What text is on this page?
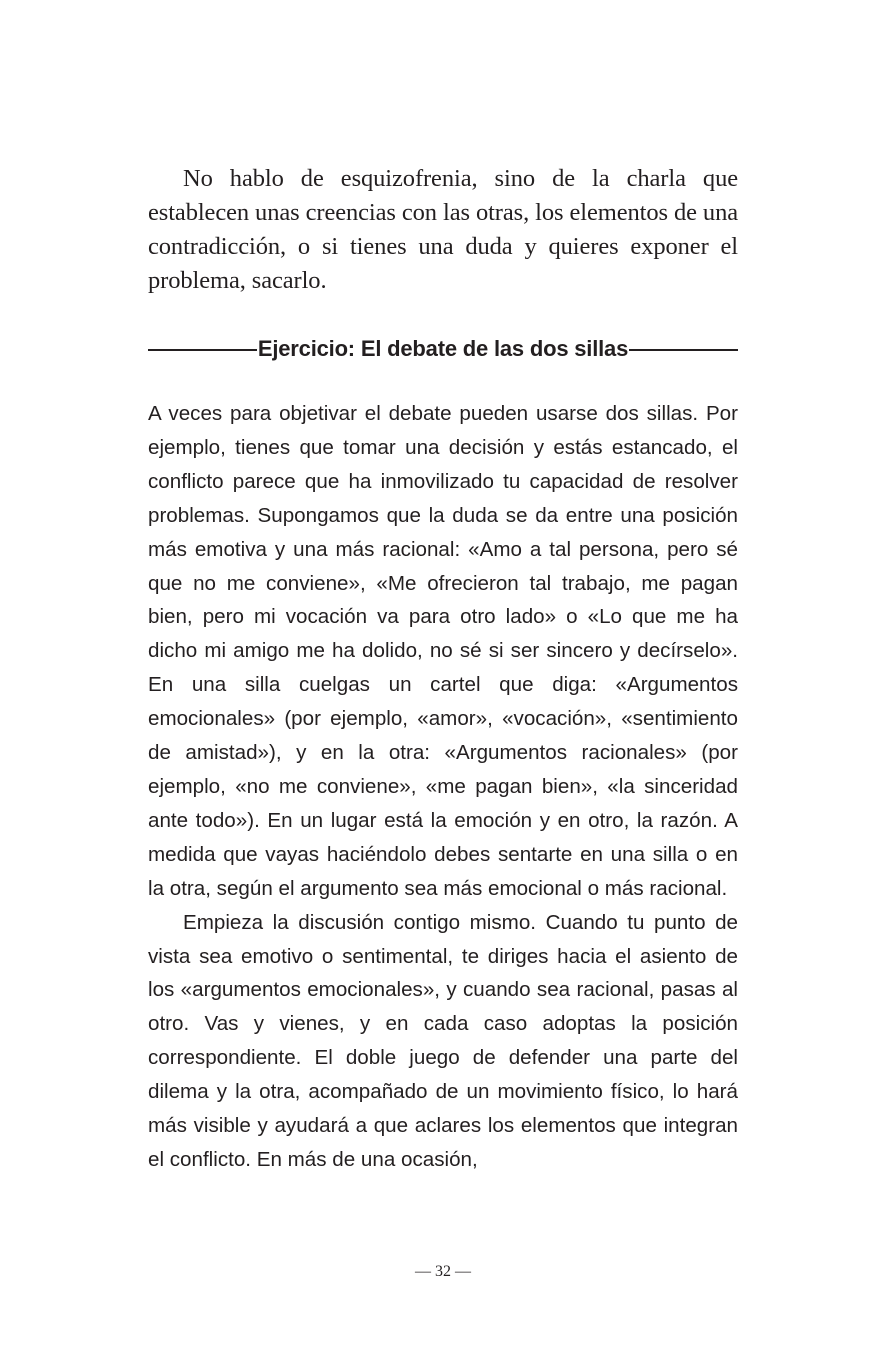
No hablo de esquizofrenia, sino de la charla que establecen unas creencias con las otras, los elementos de una contradicción, o si tienes una duda y quieres exponer el problema, sacarlo.

Ejercicio: El debate de las dos sillas

A veces para objetivar el debate pueden usarse dos sillas. Por ejemplo, tienes que tomar una decisión y estás estancado, el conflicto parece que ha inmovilizado tu capacidad de resolver problemas. Supongamos que la duda se da entre una posición más emotiva y una más racional: «Amo a tal persona, pero sé que no me conviene», «Me ofrecieron tal trabajo, me pagan bien, pero mi vocación va para otro lado» o «Lo que me ha dicho mi amigo me ha dolido, no sé si ser sincero y decírselo». En una silla cuelgas un cartel que diga: «Argumentos emocionales» (por ejemplo, «amor», «vocación», «sentimiento de amistad»), y en la otra: «Argumentos racionales» (por ejemplo, «no me conviene», «me pagan bien», «la sinceridad ante todo»). En un lugar está la emoción y en otro, la razón. A medida que vayas haciéndolo debes sentarte en una silla o en la otra, según el argumento sea más emocional o más racional.

Empieza la discusión contigo mismo. Cuando tu punto de vista sea emotivo o sentimental, te diriges hacia el asiento de los «argumentos emocionales», y cuando sea racional, pasas al otro. Vas y vienes, y en cada caso adoptas la posición correspondiente. El doble juego de defender una parte del dilema y la otra, acompañado de un movimiento físico, lo hará más visible y ayudará a que aclares los elementos que integran el conflicto. En más de una ocasión,

— 32 —
